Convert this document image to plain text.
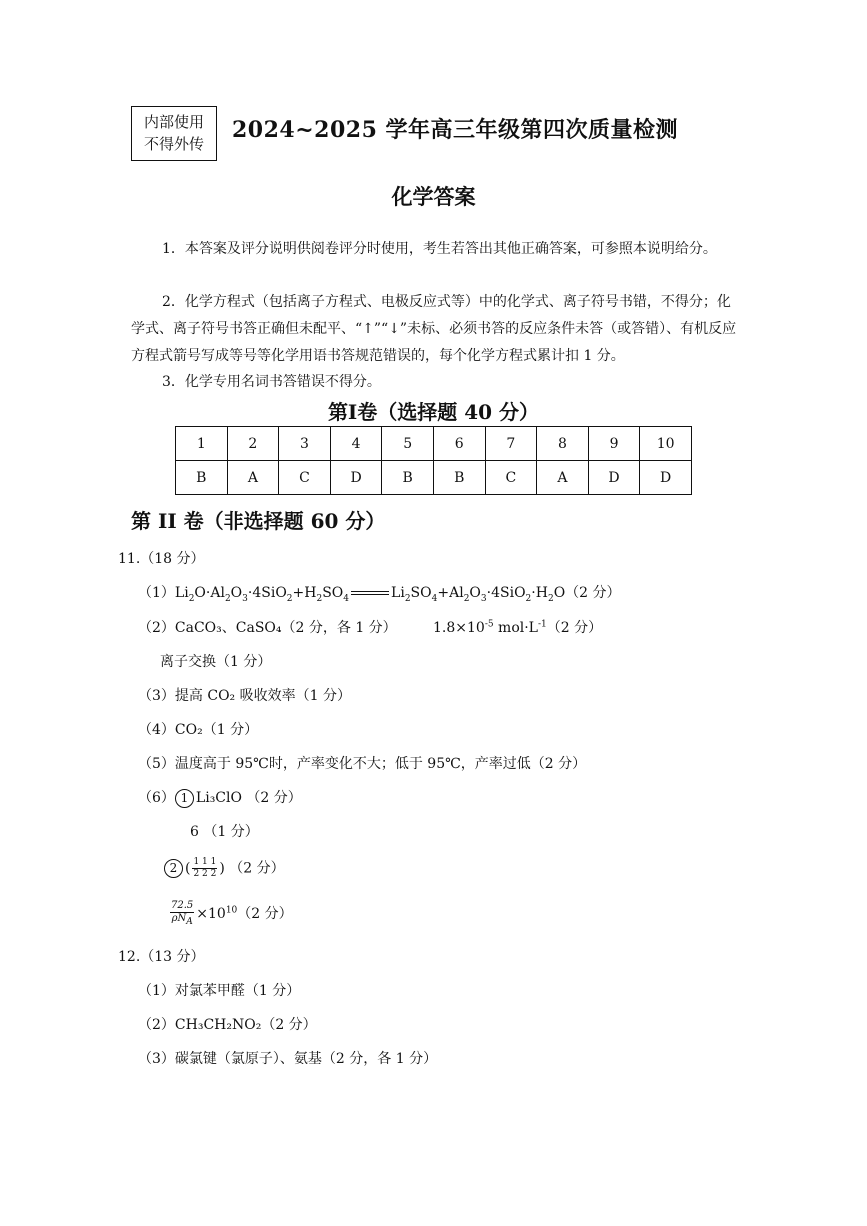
内部使用
不得外传
2024~2025 学年高三年级第四次质量检测
化学答案
1．本答案及评分说明供阅卷评分时使用，考生若答出其他正确答案，可参照本说明给分。
2．化学方程式（包括离子方程式、电极反应式等）中的化学式、离子符号书错，不得分；化学式、离子符号书答正确但未配平、“↑”“↓”未标、必须书答的反应条件未答（或答错）、有机反应方程式箭号写成等号等化学用语书答规范错误的，每个化学方程式累计扣 1 分。
3．化学专用名词书答错误不得分。
第Ⅰ卷（选择题 40 分）
1	2	3	4	5	6	7	8	9	10
B	A	C	D	B	B	C	A	D	D
第 II 卷（非选择题 60 分）
11.（18 分）
$(1)Li_2O\cdot Al_2O_3\cdot 4SiO_2+H_2SO_4$	$Li_2SO_4+Al_2O_3\cdot 4SiO_2\cdot H_2O(2$ 分）
（2）CaCO₃、CaSO₄（2 分，各 1 分）	$1.8\times 10^{-5}$ $mol\cdot L^{-1}(2$ 分）
离子交换（1 分）
（3）提高 CO₂ 吸收效率（1 分）
（4）CO₂（1 分）
（5）温度高于 95℃时，产率变化不大；低于 95℃，产率过低（2 分）
（6） 1 Li₃ClO （2 分）
6 （1 分）
2 ( $\frac{1 1 1}{2 2 2}$ ) （2 分）
$\frac{72.5}{\rho N_A} \times 10^{10}(2$ 分）
12.（13 分）
（1）对氯苯甲醛（1 分）
（2）CH₃CH₂NO₂（2 分）
（3）碳氯键（氯原子）、氨基（2 分，各 1 分）
